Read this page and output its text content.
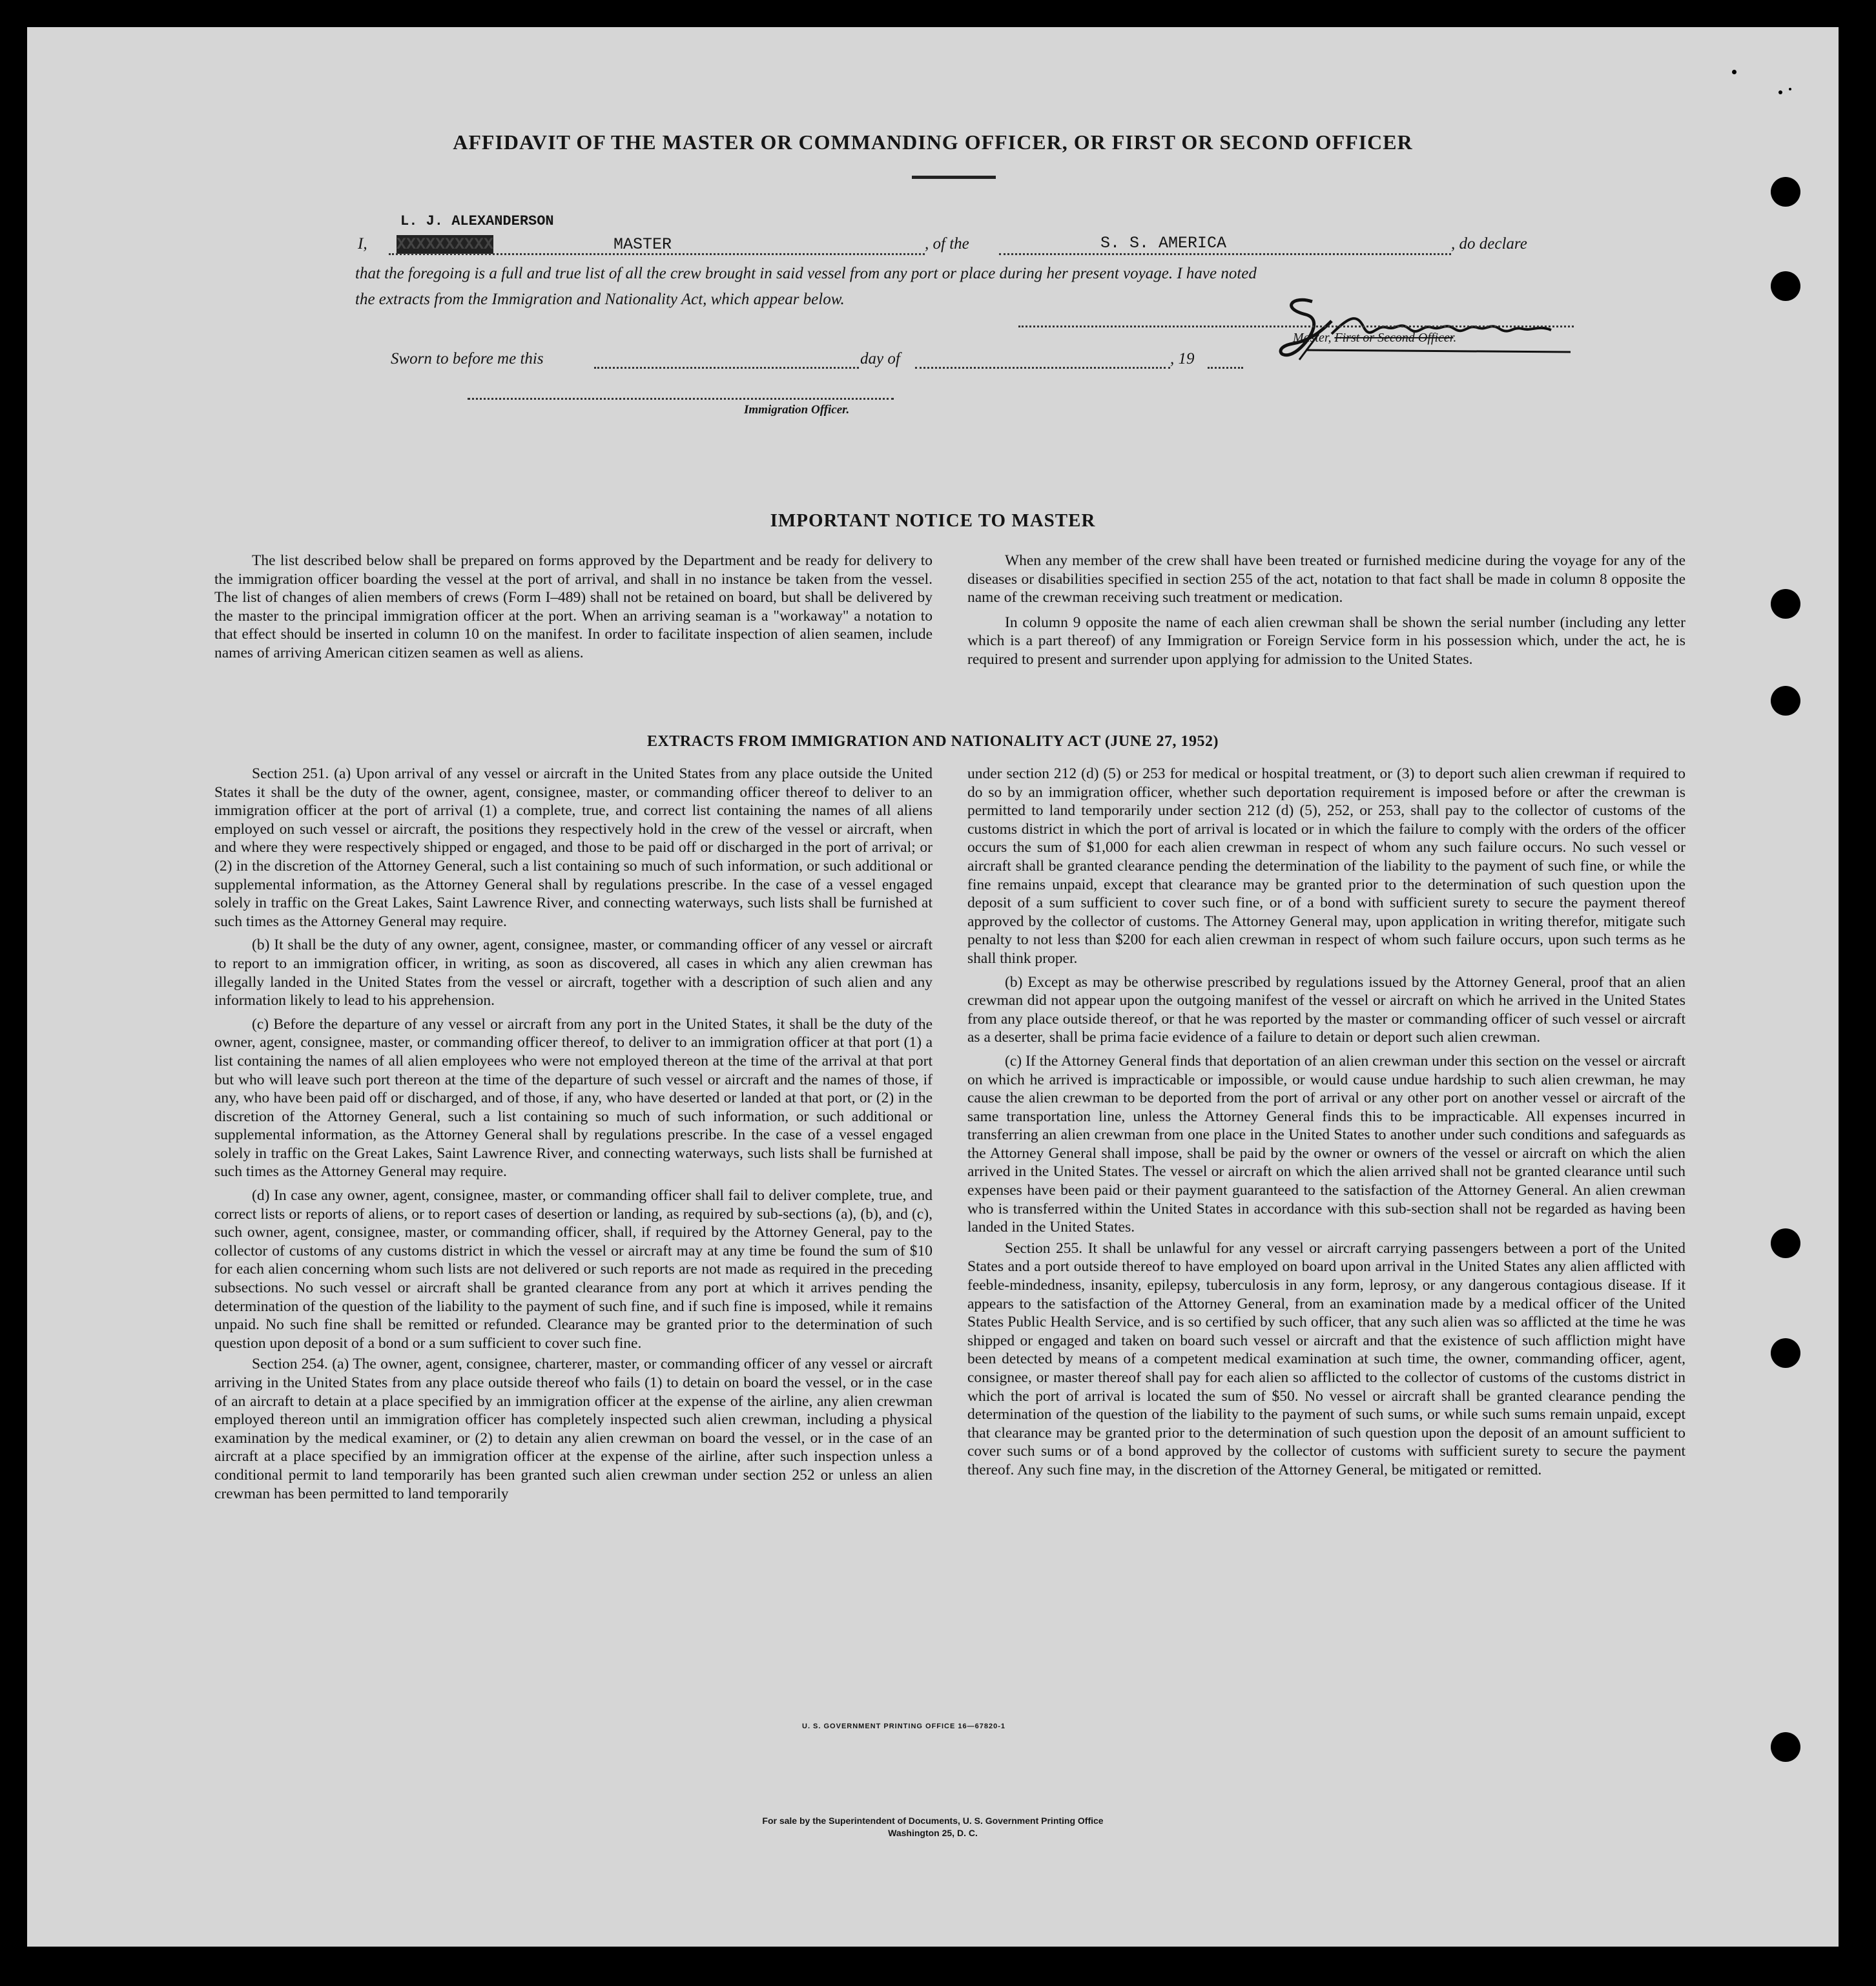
AFFIDAVIT OF THE MASTER OR COMMANDING OFFICER, OR FIRST OR SECOND OFFICER
L. J. ALEXANDERSON
I, XXXXXXXXXX	MASTER	, of the	S. S. AMERICA	, do declare
that the foregoing is a full and true list of all the crew brought in said vessel from any port or place during her present voyage. I have noted
the extracts from the Immigration and Nationality Act, which appear below.
Master, First or Second Officer.
Sworn to before me this	day of	, 19
Immigration Officer.
IMPORTANT NOTICE TO MASTER

The list described below shall be prepared on forms approved by the Department and be ready for delivery to the immigration officer boarding the vessel at the port of arrival, and shall in no instance be taken from the vessel. The list of changes of alien members of crews (Form I–489) shall not be retained on board, but shall be delivered by the master to the principal immigration officer at the port. When an arriving seaman is a "workaway" a notation to that effect should be inserted in column 10 on the manifest. In order to facilitate inspection of alien seamen, include names of arriving American citizen seamen as well as aliens.

When any member of the crew shall have been treated or furnished medicine during the voyage for any of the diseases or disabilities specified in section 255 of the act, notation to that fact shall be made in column 8 opposite the name of the crewman receiving such treatment or medication.

In column 9 opposite the name of each alien crewman shall be shown the serial number (including any letter which is a part thereof) of any Immigration or Foreign Service form in his possession which, under the act, he is required to present and surrender upon applying for admission to the United States.

EXTRACTS FROM IMMIGRATION AND NATIONALITY ACT (JUNE 27, 1952)

Section 251. (a) Upon arrival of any vessel or aircraft in the United States from any place outside the United States it shall be the duty of the owner, agent, consignee, master, or commanding officer thereof to deliver to an immigration officer at the port of arrival (1) a complete, true, and correct list containing the names of all aliens employed on such vessel or aircraft, the positions they respectively hold in the crew of the vessel or aircraft, when and where they were respectively shipped or engaged, and those to be paid off or discharged in the port of arrival; or (2) in the discretion of the Attorney General, such a list containing so much of such information, or such additional or supplemental information, as the Attorney General shall by regulations prescribe. In the case of a vessel engaged solely in traffic on the Great Lakes, Saint Lawrence River, and connecting waterways, such lists shall be furnished at such times as the Attorney General may require.

(b) It shall be the duty of any owner, agent, consignee, master, or commanding officer of any vessel or aircraft to report to an immigration officer, in writing, as soon as discovered, all cases in which any alien crewman has illegally landed in the United States from the vessel or aircraft, together with a description of such alien and any information likely to lead to his apprehension.

(c) Before the departure of any vessel or aircraft from any port in the United States, it shall be the duty of the owner, agent, consignee, master, or commanding officer thereof, to deliver to an immigration officer at that port (1) a list containing the names of all alien employees who were not employed thereon at the time of the arrival at that port but who will leave such port thereon at the time of the departure of such vessel or aircraft and the names of those, if any, who have been paid off or discharged, and of those, if any, who have deserted or landed at that port, or (2) in the discretion of the Attorney General, such a list containing so much of such information, or such additional or supplemental information, as the Attorney General shall by regulations prescribe. In the case of a vessel engaged solely in traffic on the Great Lakes, Saint Lawrence River, and connecting waterways, such lists shall be furnished at such times as the Attorney General may require.

(d) In case any owner, agent, consignee, master, or commanding officer shall fail to deliver complete, true, and correct lists or reports of aliens, or to report cases of desertion or landing, as required by sub-sections (a), (b), and (c), such owner, agent, consignee, master, or commanding officer, shall, if required by the Attorney General, pay to the collector of customs of any customs district in which the vessel or aircraft may at any time be found the sum of $10 for each alien concerning whom such lists are not delivered or such reports are not made as required in the preceding subsections. No such vessel or aircraft shall be granted clearance from any port at which it arrives pending the determination of the question of the liability to the payment of such fine, and if such fine is imposed, while it remains unpaid. No such fine shall be remitted or refunded. Clearance may be granted prior to the determination of such question upon deposit of a bond or a sum sufficient to cover such fine.

Section 254. (a) The owner, agent, consignee, charterer, master, or commanding officer of any vessel or aircraft arriving in the United States from any place outside thereof who fails (1) to detain on board the vessel, or in the case of an aircraft to detain at a place specified by an immigration officer at the expense of the airline, any alien crewman employed thereon until an immigration officer has completely inspected such alien crewman, including a physical examination by the medical examiner, or (2) to detain any alien crewman on board the vessel, or in the case of an aircraft at a place specified by an immigration officer at the expense of the airline, after such inspection unless a conditional permit to land temporarily has been granted such alien crewman under section 252 or unless an alien crewman has been permitted to land temporarily

under section 212 (d) (5) or 253 for medical or hospital treatment, or (3) to deport such alien crewman if required to do so by an immigration officer, whether such deportation requirement is imposed before or after the crewman is permitted to land temporarily under section 212 (d) (5), 252, or 253, shall pay to the collector of customs of the customs district in which the port of arrival is located or in which the failure to comply with the orders of the officer occurs the sum of $1,000 for each alien crewman in respect of whom any such failure occurs. No such vessel or aircraft shall be granted clearance pending the determination of the liability to the payment of such fine, or while the fine remains unpaid, except that clearance may be granted prior to the determination of such question upon the deposit of a sum sufficient to cover such fine, or of a bond with sufficient surety to secure the payment thereof approved by the collector of customs. The Attorney General may, upon application in writing therefor, mitigate such penalty to not less than $200 for each alien crewman in respect of whom such failure occurs, upon such terms as he shall think proper.

(b) Except as may be otherwise prescribed by regulations issued by the Attorney General, proof that an alien crewman did not appear upon the outgoing manifest of the vessel or aircraft on which he arrived in the United States from any place outside thereof, or that he was reported by the master or commanding officer of such vessel or aircraft as a deserter, shall be prima facie evidence of a failure to detain or deport such alien crewman.

(c) If the Attorney General finds that deportation of an alien crewman under this section on the vessel or aircraft on which he arrived is impracticable or impossible, or would cause undue hardship to such alien crewman, he may cause the alien crewman to be deported from the port of arrival or any other port on another vessel or aircraft of the same transportation line, unless the Attorney General finds this to be impracticable. All expenses incurred in transferring an alien crewman from one place in the United States to another under such conditions and safeguards as the Attorney General shall impose, shall be paid by the owner or owners of the vessel or aircraft on which the alien arrived in the United States. The vessel or aircraft on which the alien arrived shall not be granted clearance until such expenses have been paid or their payment guaranteed to the satisfaction of the Attorney General. An alien crewman who is transferred within the United States in accordance with this sub-section shall not be regarded as having been landed in the United States.

Section 255. It shall be unlawful for any vessel or aircraft carrying passengers between a port of the United States and a port outside thereof to have employed on board upon arrival in the United States any alien afflicted with feeble-mindedness, insanity, epilepsy, tuberculosis in any form, leprosy, or any dangerous contagious disease. If it appears to the satisfaction of the Attorney General, from an examination made by a medical officer of the United States Public Health Service, and is so certified by such officer, that any such alien was so afflicted at the time he was shipped or engaged and taken on board such vessel or aircraft and that the existence of such affliction might have been detected by means of a competent medical examination at such time, the owner, commanding officer, agent, consignee, or master thereof shall pay for each alien so afflicted to the collector of customs of the customs district in which the port of arrival is located the sum of $50. No vessel or aircraft shall be granted clearance pending the determination of the question of the liability to the payment of such sums, or while such sums remain unpaid, except that clearance may be granted prior to the determination of such question upon the deposit of an amount sufficient to cover such sums or of a bond approved by the collector of customs with sufficient surety to secure the payment thereof. Any such fine may, in the discretion of the Attorney General, be mitigated or remitted.

U. S. GOVERNMENT PRINTING OFFICE 16—67820-1
For sale by the Superintendent of Documents, U. S. Government Printing Office
Washington 25, D. C.
